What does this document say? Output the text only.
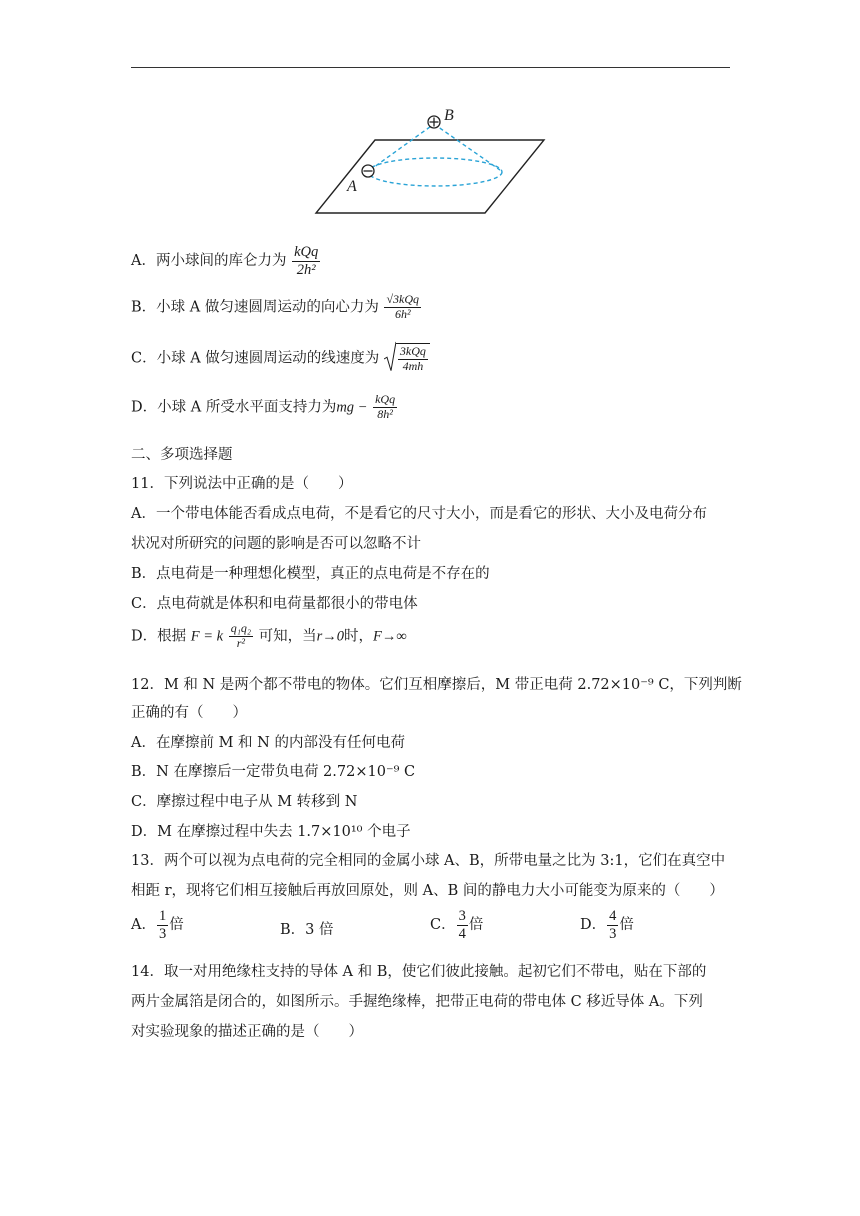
B
A
A．两小球间的库仑力为 $\frac{\text{kQq}}{\text{2h²}}$
B．小球 A 做匀速圆周运动的向心力为 $\frac{\text{√3kQq}}{\text{6h²}}$
C．小球 A 做匀速圆周运动的线速度为 $\frac{\text{3kQq}}{4mh}$
D．小球 A 所受水平面支持力为mg − $\frac{\text{kQq}}{\text{8h²}}$
二、多项选择题
11．下列说法中正确的是（　　）
A．一个带电体能否看成点电荷，不是看它的尺寸大小，而是看它的形状、大小及电荷分布
状况对所研究的问题的影响是否可以忽略不计
B．点电荷是一种理想化模型，真正的点电荷是不存在的
C．点电荷就是体积和电荷量都很小的带电体
D．根据 F = k $\frac{\text{q₁q₂}}{\text{r²}}$ 可知，当r→0时，F→∞
12．M 和 N 是两个都不带电的物体。它们互相摩擦后，M 带正电荷 2.72×10⁻⁹ C，下列判断
正确的有（　　）
A．在摩擦前 M 和 N 的内部没有任何电荷
B．N 在摩擦后一定带负电荷 2.72×10⁻⁹ C
C．摩擦过程中电子从 M 转移到 N
D．M 在摩擦过程中失去 1.7×10¹⁰ 个电子
13．两个可以视为点电荷的完全相同的金属小球 A、B，所带电量之比为 3:1，它们在真空中
相距 r，现将它们相互接触后再放回原处，则 A、B 间的静电力大小可能变为原来的（　　）
A． $\frac{1}{3}$ 倍	B．3 倍	C． $\frac{3}{4}$ 倍	D． $\frac{4}{3}$ 倍
14．取一对用绝缘柱支持的导体 A 和 B，使它们彼此接触。起初它们不带电，贴在下部的
两片金属箔是闭合的，如图所示。手握绝缘棒，把带正电荷的带电体 C 移近导体 A。下列
对实验现象的描述正确的是（　　）
